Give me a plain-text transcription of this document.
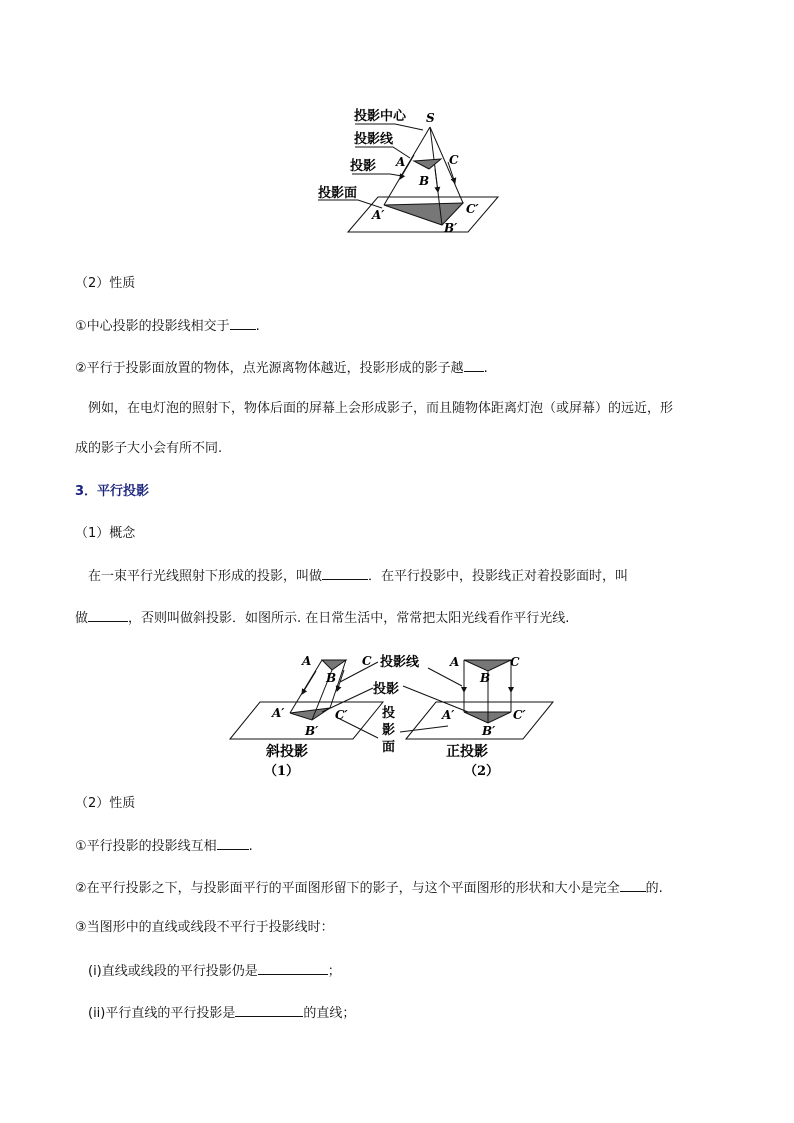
投影中心
投影线
投影
投影面
S
A
B
C
A′
B′
C′
（2）性质
①中心投影的投影线相交于 .
②平行于投影面放置的物体，点光源离物体越近，投影形成的影子越 .
例如，在电灯泡的照射下，物体后面的屏幕上会形成影子，而且随物体距离灯泡（或屏幕）的远近，形
成的影子大小会有所不同.
3．平行投影
（1）概念
在一束平行光线照射下形成的投影，叫做	．在平行投影中，投影线正对着投影面时，叫
做	，否则叫做斜投影．如图所示. 在日常生活中，常常把太阳光线看作平行光线.
A
B
C
A′
B′
C′
A
B
C
A′
B′
C′
投影线
投影
投
影
面
斜投影	正投影
（1）	（2）
（2）性质
①平行投影的投影线互相 .
②在平行投影之下，与投影面平行的平面图形留下的影子，与这个平面图形的形状和大小是完全 的.
③当图形中的直线或线段不平行于投影线时：
(i)直线或线段的平行投影仍是	；
(ii)平行直线的平行投影是	的直线；
